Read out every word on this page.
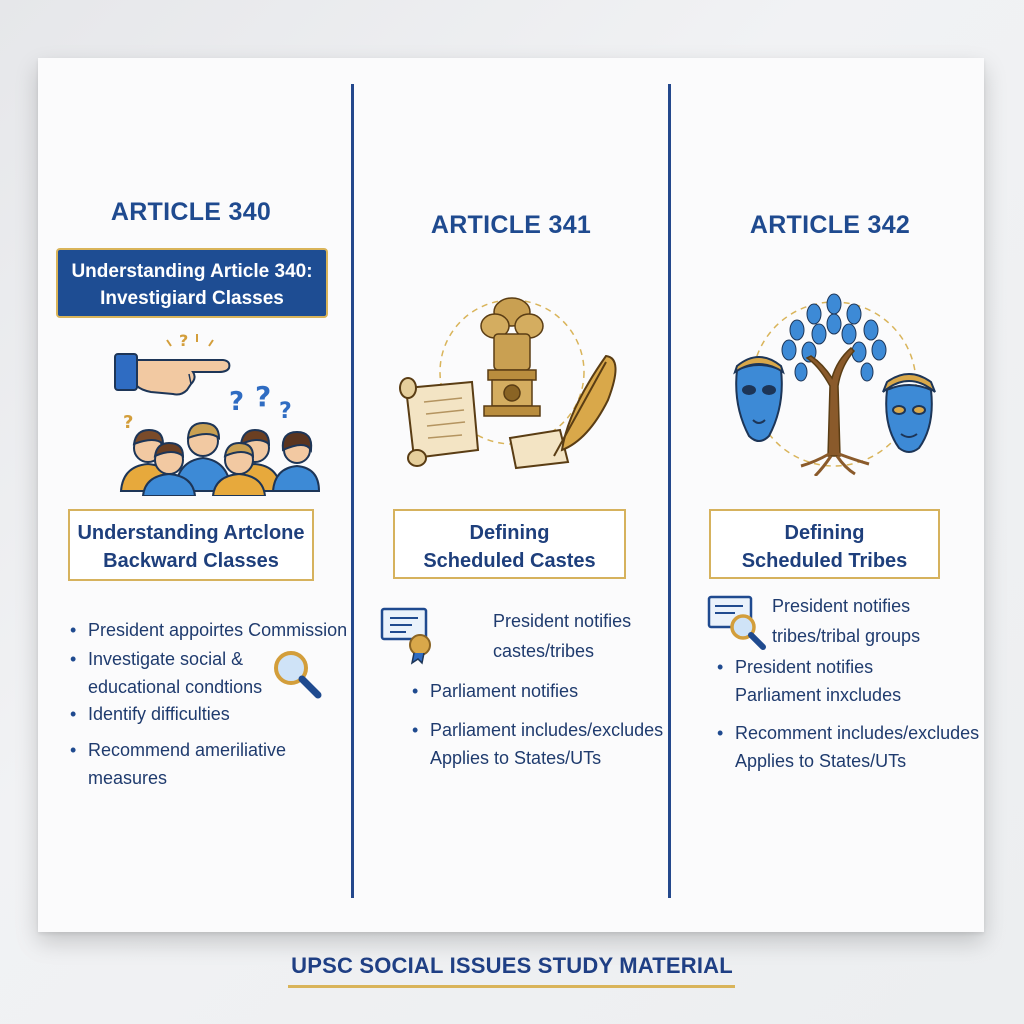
ARTICLE 340
Understanding Article 340:
Investigiard Classes
? ? ?
?
?
Understanding Artclone
Backward Classes
• President appoirtes Commission
• Investigate social &
educational condtions
• Identify difficulties
• Recommend ameriliative
measures
ARTICLE 341
Defining
Scheduled Castes
President notifies
castes/tribes
• Parliament notifies
• Parliament includes/excludes
Applies to States/UTs
ARTICLE 342
Defining
Scheduled Tribes
President notifies
tribes/tribal groups
• President notifies
Parliament inxcludes
• Recomment includes/excludes
Applies to States/UTs
UPSC SOCIAL ISSUES STUDY MATERIAL
